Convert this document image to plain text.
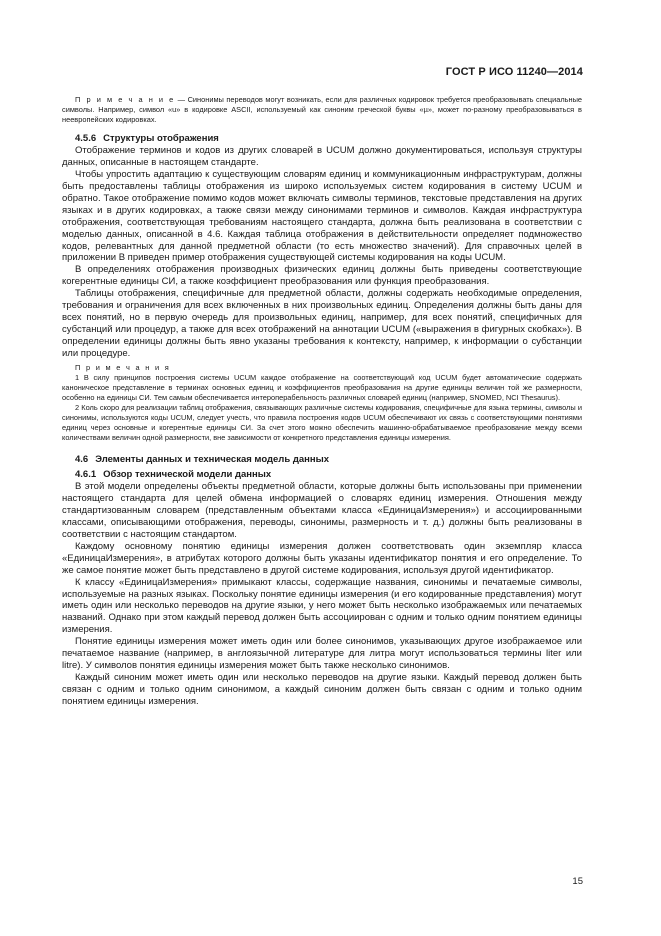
ГОСТ Р ИСО 11240—2014

П р и м е ч а н и е — Синонимы переводов могут возникать, если для различных кодировок требуется преобразовывать специальные символы. Например, символ «u» в кодировке ASCII, используемый как синоним греческой буквы «µ», может по-разному преобразовываться в неевропейских кодировках.

4.5.6 Структуры отображения

Отображение терминов и кодов из других словарей в UCUM должно документироваться, используя структуры данных, описанные в настоящем стандарте.

Чтобы упростить адаптацию к существующим словарям единиц и коммуникационным инфраструктурам, должны быть предоставлены таблицы отображения из широко используемых систем кодирования в систему UCUM и обратно. Такое отображение помимо кодов может включать символы терминов, текстовые представления на других языках и в других кодировках, а также связи между синонимами терминов и символов. Каждая инфраструктура отображения, соответствующая требованиям настоящего стандарта, должна быть реализована в соответствии с моделью данных, описанной в 4.6. Каждая таблица отображения в действительности определяет подмножество кодов, релевантных для данной предметной области (то есть множество значений). Для справочных целей в приложении В приведен пример отображения существующей системы кодирования на коды UCUM.

В определениях отображения производных физических единиц должны быть приведены соответствующие когерентные единицы СИ, а также коэффициент преобразования или функция преобразования.

Таблицы отображения, специфичные для предметной области, должны содержать необходимые определения, требования и ограничения для всех включенных в них произвольных единиц. Определения должны быть даны для всех понятий, но в первую очередь для произвольных единиц, например, для всех понятий, специфичных для субстанций или процедур, а также для всех отображений на аннотации UCUM («выражения в фигурных скобках»). В определении единицы должны быть явно указаны требования к контексту, например, к информации о субстанции или процедуре.

П р и м е ч а н и я

1 В силу принципов построения системы UCUM каждое отображение на соответствующий код UCUM будет автоматические содержать каноническое представление в терминах основных единиц и коэффициентов преобразования на другие единицы величин той же размерности, особенно на единицы СИ. Тем самым обеспечивается интероперабельность различных словарей единиц (например, SNOMED, NCI Thesaurus).

2 Коль скоро для реализации таблиц отображения, связывающих различные системы кодирования, специфичные для языка термины, символы и синонимы, используются коды UCUM, следует учесть, что правила построения кодов UCUM обеспечивают их связь с соответствующими понятиями единиц через основные и когерентные единицы СИ. За счет этого можно обеспечить машинно-обрабатываемое преобразование между всеми количествами величин одной размерности, вне зависимости от конкретного представления единицы измерения.

4.6 Элементы данных и техническая модель данных

4.6.1 Обзор технической модели данных

В этой модели определены объекты предметной области, которые должны быть использованы при применении настоящего стандарта для целей обмена информацией о словарях единиц измерения. Отношения между стандартизованным словарем (представленным объектами класса «ЕдиницаИзмерения») и ассоциированными классами, описывающими отображения, переводы, синонимы, размерность и т. д.) должны быть реализованы в соответствии с настоящим стандартом.

Каждому основному понятию единицы измерения должен соответствовать один экземпляр класса «ЕдиницаИзмерения», в атрибутах которого должны быть указаны идентификатор понятия и его определение. То же самое понятие может быть представлено в другой системе кодирования, используя другой идентификатор.

К классу «ЕдиницаИзмерения» примыкают классы, содержащие названия, синонимы и печатаемые символы, используемые на разных языках. Поскольку понятие единицы измерения (и его кодированные представления) могут иметь один или несколько переводов на другие языки, у него может быть несколько изображаемых или печатаемых названий. Однако при этом каждый перевод должен быть ассоциирован с одним и только одним понятием единицы измерения.

Понятие единицы измерения может иметь один или более синонимов, указывающих другое изображаемое или печатаемое название (например, в англоязычной литературе для литра могут использоваться термины liter или litre). У символов понятия единицы измерения может быть также несколько синонимов.

Каждый синоним может иметь один или несколько переводов на другие языки. Каждый перевод должен быть связан с одним и только одним синонимом, а каждый синоним должен быть связан с одним и только одним понятием единицы измерения.

15
